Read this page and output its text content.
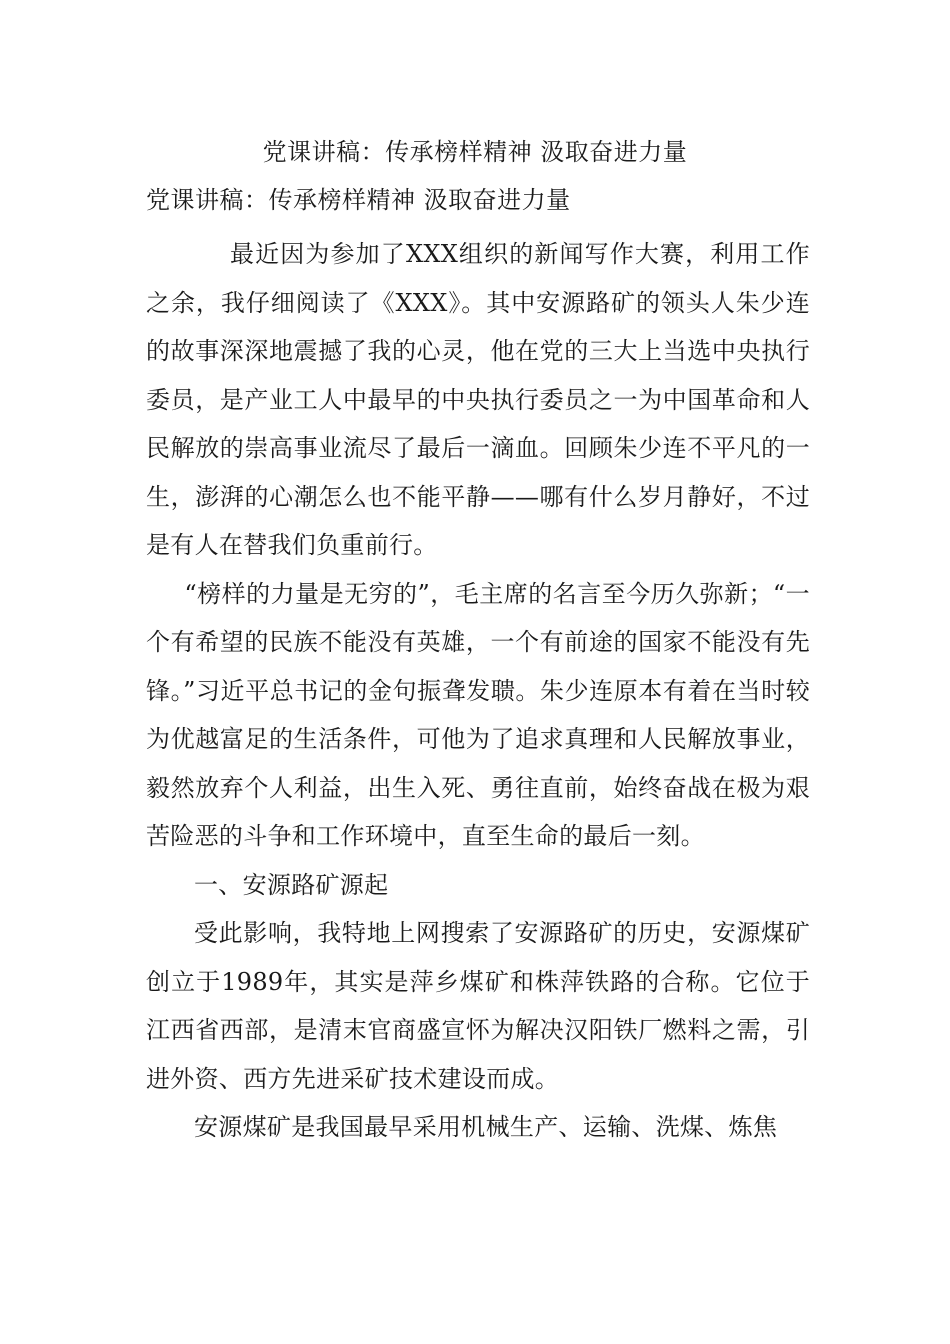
党课讲稿：传承榜样精神 汲取奋进力量
党课讲稿：传承榜样精神 汲取奋进力量

最近因为参加了XXX组织的新闻写作大赛，利用工作之余，我仔细阅读了《XXX》。其中安源路矿的领头人朱少连的故事深深地震撼了我的心灵，他在党的三大上当选中央执行委员，是产业工人中最早的中央执行委员之一为中国革命和人民解放的崇高事业流尽了最后一滴血。回顾朱少连不平凡的一生，澎湃的心潮怎么也不能平静——哪有什么岁月静好，不过是有人在替我们负重前行。

“榜样的力量是无穷的”，毛主席的名言至今历久弥新；“一个有希望的民族不能没有英雄，一个有前途的国家不能没有先锋。”习近平总书记的金句振聋发聩。朱少连原本有着在当时较为优越富足的生活条件，可他为了追求真理和人民解放事业，毅然放弃个人利益，出生入死、勇往直前，始终奋战在极为艰苦险恶的斗争和工作环境中，直至生命的最后一刻。

一、安源路矿源起

受此影响，我特地上网搜索了安源路矿的历史，安源煤矿创立于1989年，其实是萍乡煤矿和株萍铁路的合称。它位于江西省西部，是清末官商盛宣怀为解决汉阳铁厂燃料之需，引进外资、西方先进采矿技术建设而成。

安源煤矿是我国最早采用机械生产、运输、洗煤、炼焦
